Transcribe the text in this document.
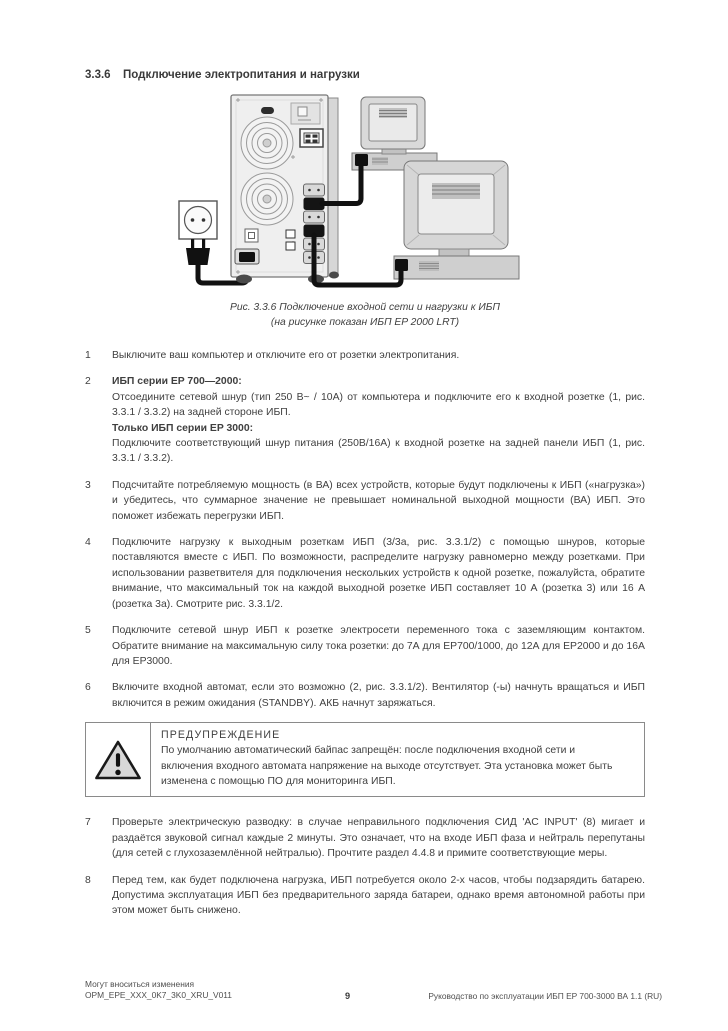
3.3.6	Подключение электропитания и нагрузки
Рис. 3.3.6 Подключение входной сети и нагрузки к ИБП
(на рисунке показан ИБП EP 2000 LRT)
1	Выключите ваш компьютер и отключите его от розетки электропитания.
2	ИБП серии EP 700—2000:
Отсоедините сетевой шнур (тип 250 В~ / 10А) от компьютера и подключите его к входной розетке (1, рис. 3.3.1 / 3.3.2) на задней стороне ИБП.
Только ИБП серии EP 3000:
Подключите соответствующий шнур питания (250В/16А) к входной розетке на задней панели ИБП (1, рис. 3.3.1 / 3.3.2).
3	Подсчитайте потребляемую мощность (в ВА) всех устройств, которые будут подключены к ИБП («нагрузка») и убедитесь, что суммарное значение не превышает номинальной выходной мощности (ВА) ИБП. Это поможет избежать перегрузки ИБП.
4	Подключите нагрузку к выходным розеткам ИБП (3/3а, рис. 3.3.1/2) с помощью шнуров, которые поставляются вместе с ИБП. По возможности, распределите нагрузку равномерно между розетками. При использовании разветвителя для подключения нескольких устройств к одной розетке, пожалуйста, обратите внимание, что максимальный ток на каждой выходной розетке ИБП составляет 10 А (розетка 3) или 16 А (розетка 3а). Смотрите рис. 3.3.1/2.
5	Подключите сетевой шнур ИБП к розетке электросети переменного тока с заземляющим контактом. Обратите внимание на максимальную силу тока розетки: до 7А для EP700/1000, до 12А для EP2000 и до 16А для EP3000.
6	Включите входной автомат, если это возможно (2, рис. 3.3.1/2). Вентилятор (-ы) начнуть вращаться и ИБП включится в режим ожидания (STANDBY). АКБ начнут заряжаться.
ПРЕДУПРЕЖДЕНИЕ
По умолчанию автоматический байпас запрещён: после подключения входной сети и включения входного автомата напряжение на выходе отсутствует. Эта установка может быть изменена с помощью ПО для мониторинга ИБП.
7	Проверьте электрическую разводку: в случае неправильного подключения СИД 'AC INPUT' (8) мигает и раздаётся звуковой сигнал каждые 2 минуты. Это означает, что на входе ИБП фаза и нейтраль перепутаны (для сетей с глухозаземлённой нейтралью). Прочтите раздел 4.4.8 и примите соответствующие меры.
8	Перед тем, как будет подключена нагрузка, ИБП потребуется около 2-х часов, чтобы подзарядить батарею. Допустима эксплуатация ИБП без предварительного заряда батареи, однако время автономной работы при этом может быть снижено.
Могут вноситься изменения
OPM_EPE_XXX_0K7_3K0_XRU_V011	9	Руководство по эксплуатации ИБП EP 700-3000 ВА 1.1 (RU)
